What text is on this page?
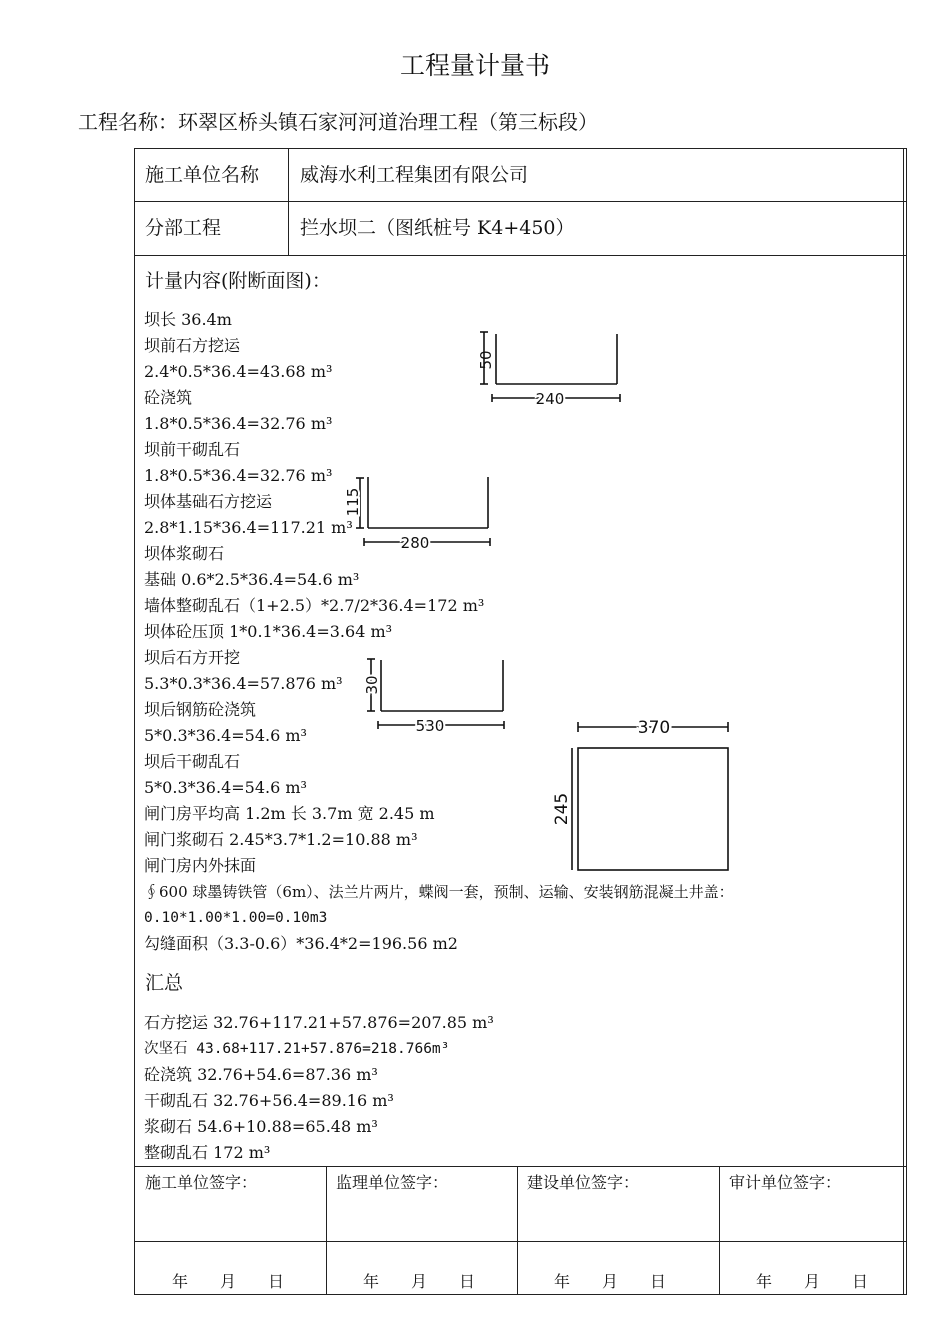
工程量计量书
工程名称：环翠区桥头镇石家河河道治理工程（第三标段）
施工单位名称 威海水利工程集团有限公司
分部工程	拦水坝二（图纸桩号 K4+450）
计量内容(附断面图)：
坝长 36.4m
坝前石方挖运
2.4*0.5*36.4=43.68 m³
砼浇筑
1.8*0.5*36.4=32.76 m³
坝前干砌乱石
1.8*0.5*36.4=32.76 m³
坝体基础石方挖运
2.8*1.15*36.4=117.21 m³
坝体浆砌石
基础 0.6*2.5*36.4=54.6 m³
墙体整砌乱石（1+2.5）*2.7/2*36.4=172 m³
坝体砼压顶 1*0.1*36.4=3.64 m³
坝后石方开挖
5.3*0.3*36.4=57.876 m³
坝后钢筋砼浇筑
5*0.3*36.4=54.6 m³
坝后干砌乱石
5*0.3*36.4=54.6 m³
闸门房平均高 1.2m 长 3.7m 宽 2.45 m
闸门浆砌石 2.45*3.7*1.2=10.88 m³
闸门房内外抹面
∮600 球墨铸铁管（6m）、法兰片两片，蝶阀一套，预制、运输、安装钢筋混凝土井盖：
0.10*1.00*1.00=0.10m3
勾缝面积（3.3-0.6）*36.4*2=196.56 m2
汇总
石方挖运 32.76+117.21+57.876=207.85 m³
次坚石 43.68+117.21+57.876=218.766m³
砼浇筑 32.76+54.6=87.36 m³
干砌乱石 32.76+56.4=89.16 m³
浆砌石 54.6+10.88=65.48 m³
整砌乱石 172 m³
50
240
115
280
30
530
245
370
施工单位签字：	监理单位签字：	建设单位签字：	审计单位签字：
年　　月　　日	年　　月　　日	年　　月　　日	年　　月　　日
